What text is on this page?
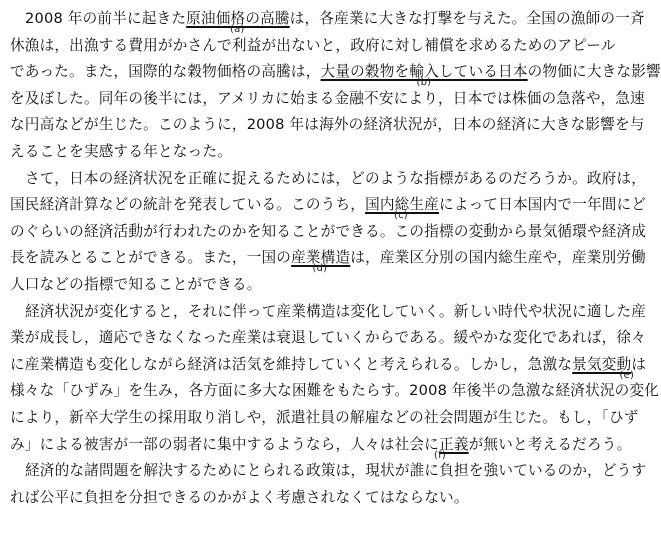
2008 年の前半に起きた原油価格の高騰は，各産業に大きな打撃を与えた。全国の漁師の一斉
(a)
休漁は，出漁する費用がかさんで利益が出ないと，政府に対し補償を求めるためのアピール
であった。また，国際的な穀物価格の高騰は，大量の穀物を輸入している日本の物価に大きな影響
(b)
を及ぼした。同年の後半には，アメリカに始まる金融不安により，日本では株価の急落や，急速
な円高などが生じた。このように，2008 年は海外の経済状況が，日本の経済に大きな影響を与
えることを実感する年となった。
さて，日本の経済状況を正確に捉えるためには，どのような指標があるのだろうか。政府は，
国民経済計算などの統計を発表している。このうち，国内総生産によって日本国内で一年間にど
(c)
のぐらいの経済活動が行われたのかを知ることができる。この指標の変動から景気循環や経済成
長を読みとることができる。また，一国の産業構造は，産業区分別の国内総生産や，産業別労働
(d)
人口などの指標で知ることができる。
経済状況が変化すると，それに伴って産業構造は変化していく。新しい時代や状況に適した産
業が成長し，適応できなくなった産業は衰退していくからである。緩やかな変化であれば，徐々
に産業構造も変化しながら経済は活気を維持していくと考えられる。しかし，急激な景気変動は
(e)
様々な「ひずみ」を生み，各方面に多大な困難をもたらす。2008 年後半の急激な経済状況の変化
により，新卒大学生の採用取り消しや，派遣社員の解雇などの社会問題が生じた。もし，「ひず
み」による被害が一部の弱者に集中するようなら，人々は社会に正義が無いと考えるだろう。
(f)
経済的な諸問題を解決するためにとられる政策は，現状が誰に負担を強いているのか，どうす
れば公平に負担を分担できるのかがよく考慮されなくてはならない。
